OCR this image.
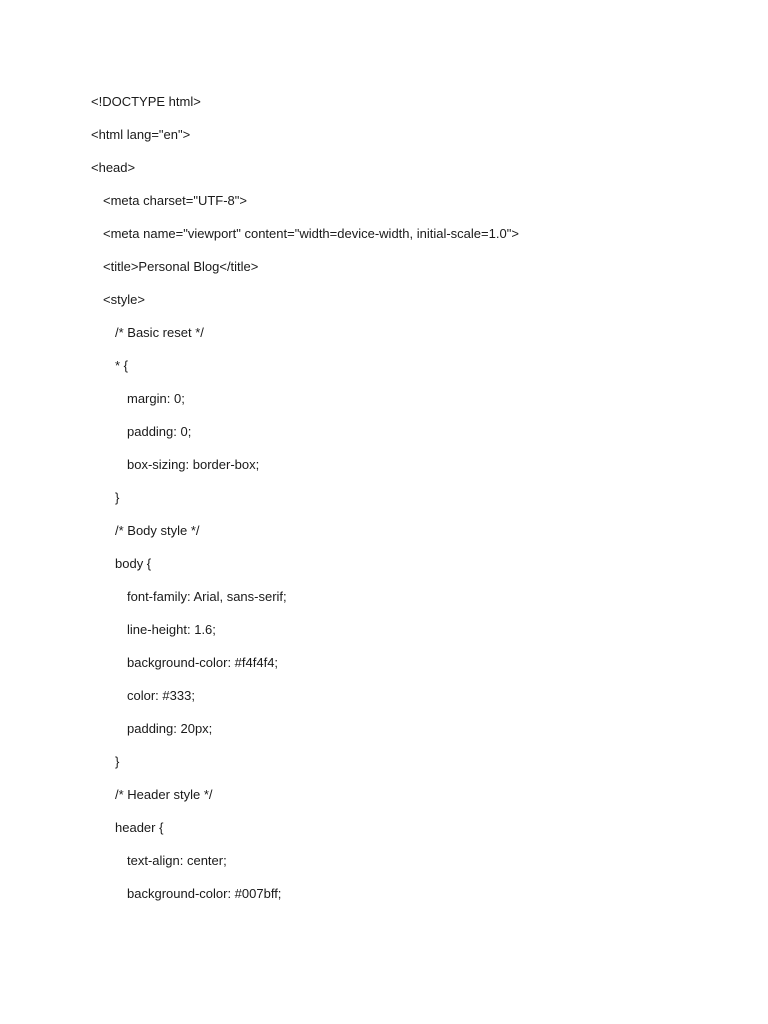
<!DOCTYPE html>
<html lang="en">
<head>
<meta charset="UTF-8">
<meta name="viewport" content="width=device-width, initial-scale=1.0">
<title>Personal Blog</title>
<style>
/* Basic reset */
* {
margin: 0;
padding: 0;
box-sizing: border-box;
}
/* Body style */
body {
font-family: Arial, sans-serif;
line-height: 1.6;
background-color: #f4f4f4;
color: #333;
padding: 20px;
}
/* Header style */
header {
text-align: center;
background-color: #007bff;
